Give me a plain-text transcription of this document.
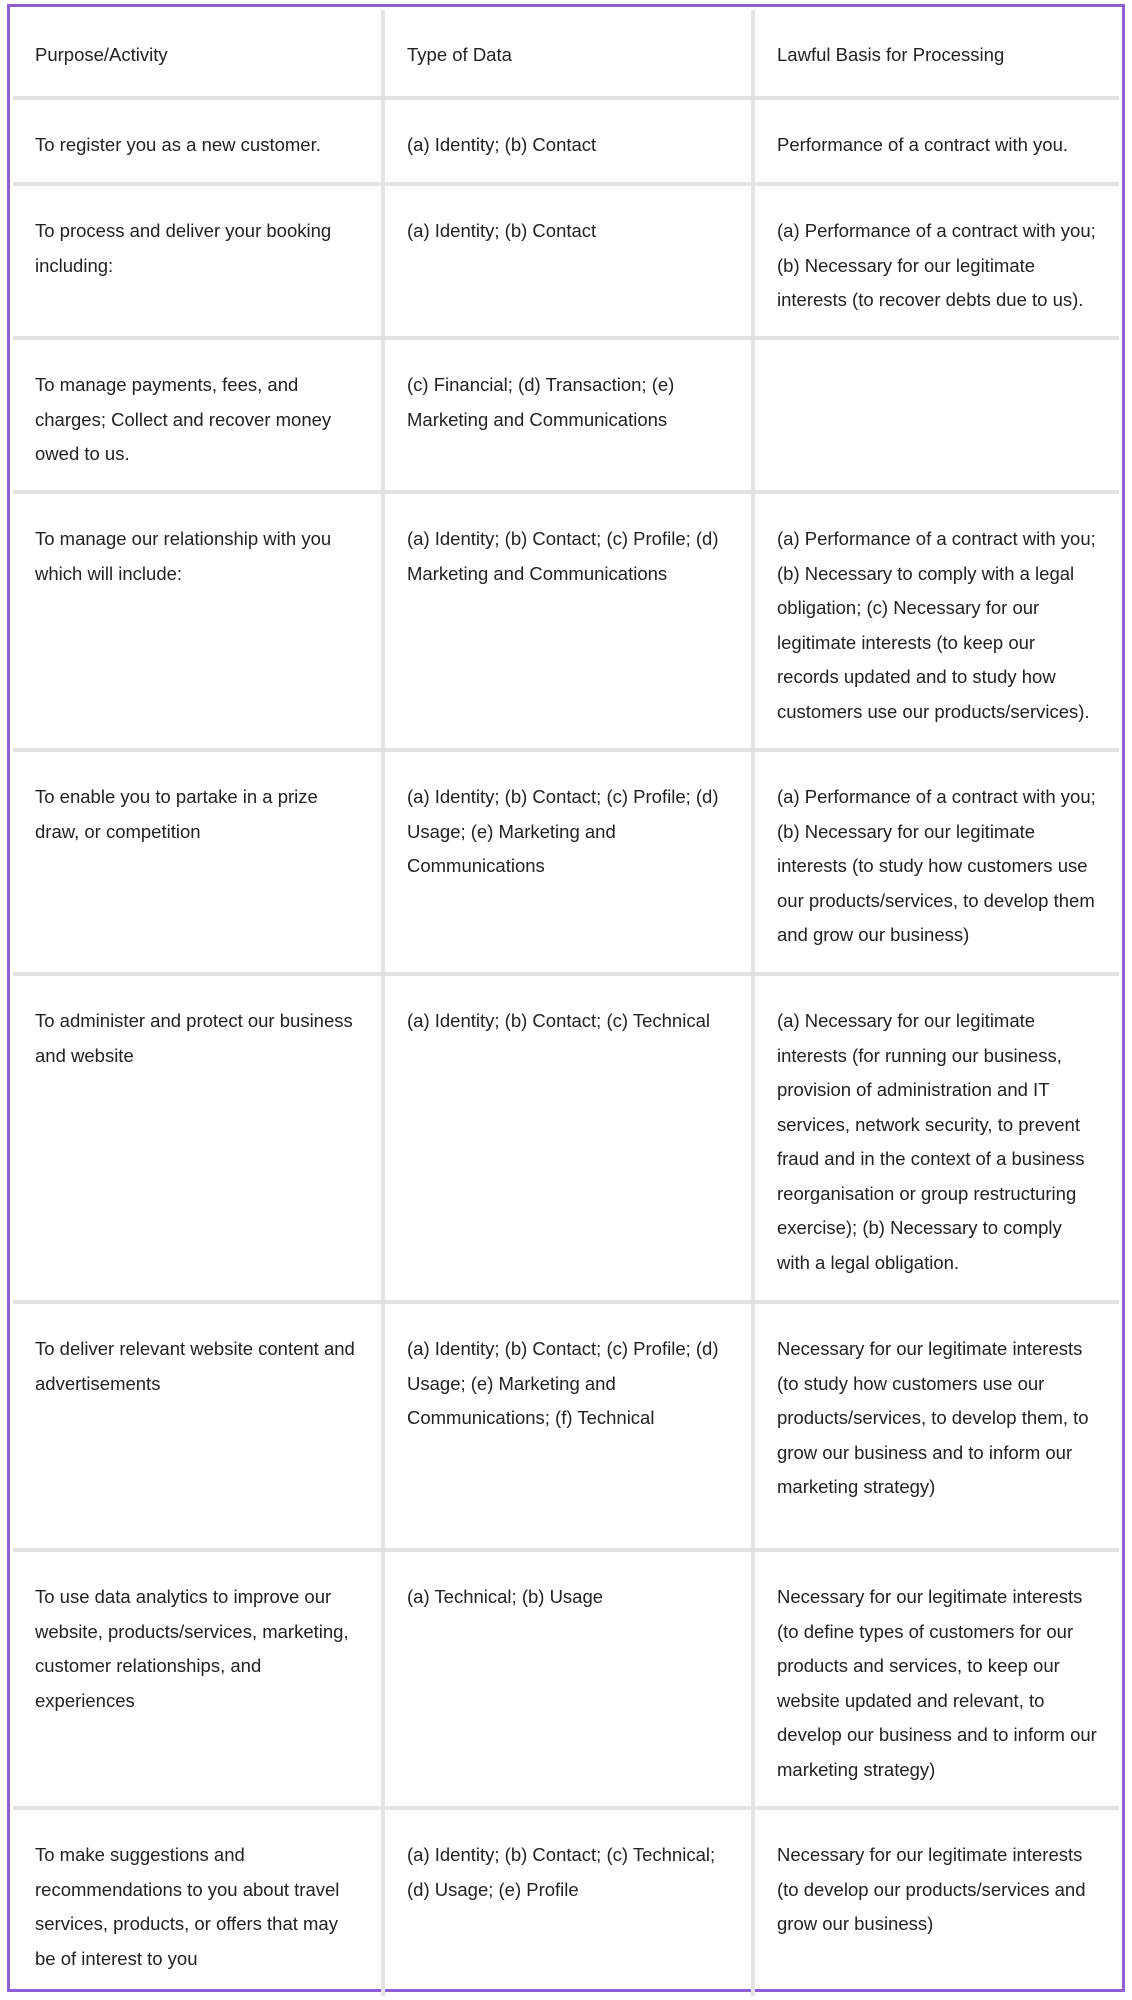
Purpose/Activity	Type of Data	Lawful Basis for Processing
To register you as a new customer.	(a) Identity; (b) Contact	Performance of a contract with you.
To process and deliver your booking including:	(a) Identity; (b) Contact	(a) Performance of a contract with you; (b) Necessary for our legitimate interests (to recover debts due to us).
To manage payments, fees, and charges; Collect and recover money owed to us.	(c) Financial; (d) Transaction; (e) Marketing and Communications	
To manage our relationship with you which will include:	(a) Identity; (b) Contact; (c) Profile; (d) Marketing and Communications	(a) Performance of a contract with you; (b) Necessary to comply with a legal obligation; (c) Necessary for our legitimate interests (to keep our records updated and to study how customers use our products/services).
To enable you to partake in a prize draw, or competition	(a) Identity; (b) Contact; (c) Profile; (d) Usage; (e) Marketing and Communications	(a) Performance of a contract with you; (b) Necessary for our legitimate interests (to study how customers use our products/services, to develop them and grow our business)
To administer and protect our business and website	(a) Identity; (b) Contact; (c) Technical	(a) Necessary for our legitimate interests (for running our business, provision of administration and IT services, network security, to prevent fraud and in the context of a business reorganisation or group restructuring exercise); (b) Necessary to comply with a legal obligation.
To deliver relevant website content and advertisements	(a) Identity; (b) Contact; (c) Profile; (d) Usage; (e) Marketing and Communications; (f) Technical	Necessary for our legitimate interests (to study how customers use our products/services, to develop them, to grow our business and to inform our marketing strategy)
To use data analytics to improve our website, products/services, marketing, customer relationships, and experiences	(a) Technical; (b) Usage	Necessary for our legitimate interests (to define types of customers for our products and services, to keep our website updated and relevant, to develop our business and to inform our marketing strategy)
To make suggestions and recommendations to you about travel services, products, or offers that may be of interest to you	(a) Identity; (b) Contact; (c) Technical; (d) Usage; (e) Profile	Necessary for our legitimate interests (to develop our products/services and grow our business)
